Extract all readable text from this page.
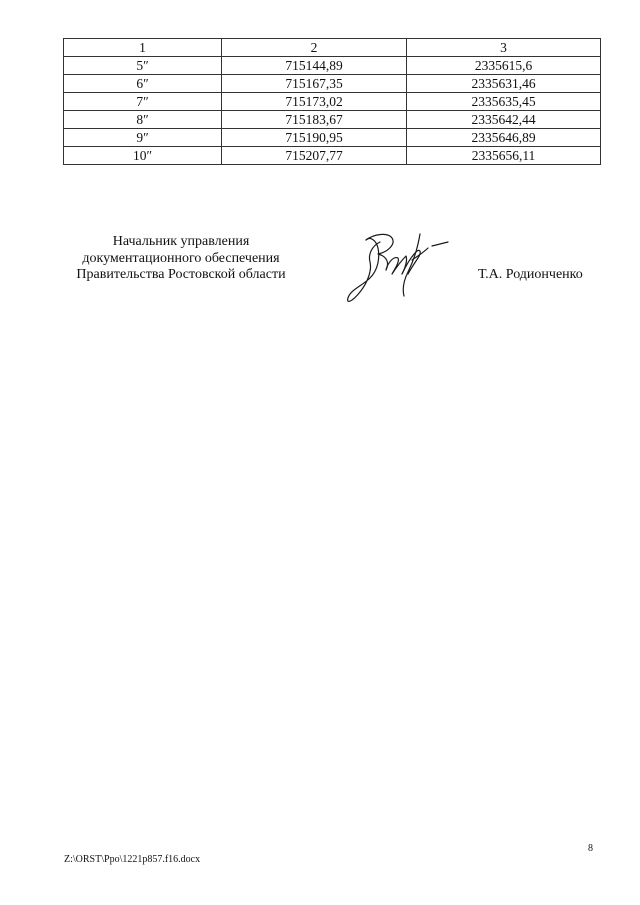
1	2	3
5″	715144,89	2335615,6
6″	715167,35	2335631,46
7″	715173,02	2335635,45
8″	715183,67	2335642,44
9″	715190,95	2335646,89
10″	715207,77	2335656,11
Начальник управления
документационного обеспечения
Правительства Ростовской области	Т.А. Родионченко
8
Z:\ORST\Ppo\1221p857.f16.docx
